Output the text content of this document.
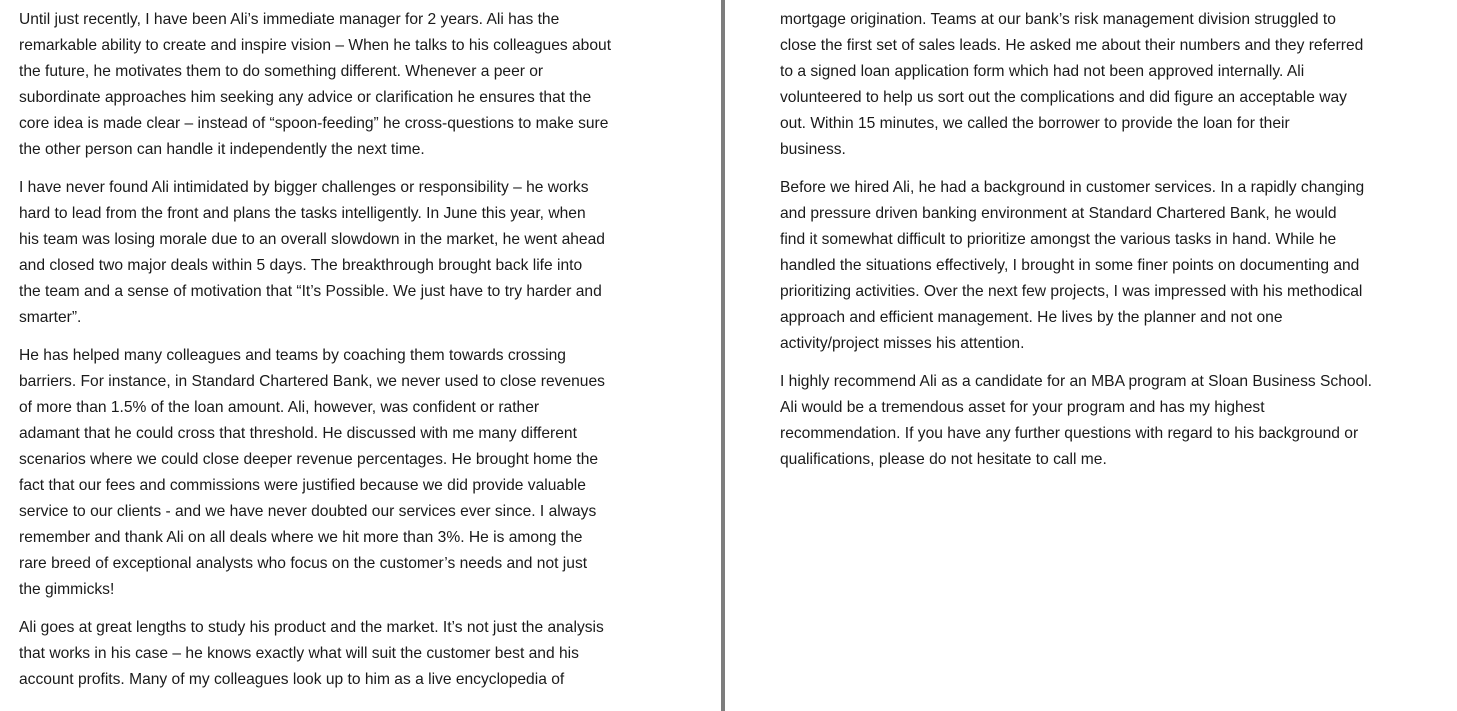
Until just recently, I have been Ali’s immediate manager for 2 years. Ali has the
remarkable ability to create and inspire vision – When he talks to his colleagues about
the future, he motivates them to do something different. Whenever a peer or
subordinate approaches him seeking any advice or clarification he ensures that the
core idea is made clear – instead of “spoon-feeding” he cross-questions to make sure
the other person can handle it independently the next time.

I have never found Ali intimidated by bigger challenges or responsibility – he works
hard to lead from the front and plans the tasks intelligently. In June this year, when
his team was losing morale due to an overall slowdown in the market, he went ahead
and closed two major deals within 5 days. The breakthrough brought back life into
the team and a sense of motivation that “It’s Possible. We just have to try harder and
smarter”.

He has helped many colleagues and teams by coaching them towards crossing
barriers. For instance, in Standard Chartered Bank, we never used to close revenues
of more than 1.5% of the loan amount. Ali, however, was confident or rather
adamant that he could cross that threshold. He discussed with me many different
scenarios where we could close deeper revenue percentages. He brought home the
fact that our fees and commissions were justified because we did provide valuable
service to our clients - and we have never doubted our services ever since. I always
remember and thank Ali on all deals where we hit more than 3%. He is among the
rare breed of exceptional analysts who focus on the customer’s needs and not just
the gimmicks!

Ali goes at great lengths to study his product and the market. It’s not just the analysis
that works in his case – he knows exactly what will suit the customer best and his
account profits. Many of my colleagues look up to him as a live encyclopedia of

mortgage origination. Teams at our bank’s risk management division struggled to
close the first set of sales leads. He asked me about their numbers and they referred
to a signed loan application form which had not been approved internally. Ali
volunteered to help us sort out the complications and did figure an acceptable way
out. Within 15 minutes, we called the borrower to provide the loan for their
business.

Before we hired Ali, he had a background in customer services. In a rapidly changing
and pressure driven banking environment at Standard Chartered Bank, he would
find it somewhat difficult to prioritize amongst the various tasks in hand. While he
handled the situations effectively, I brought in some finer points on documenting and
prioritizing activities. Over the next few projects, I was impressed with his methodical
approach and efficient management. He lives by the planner and not one
activity/project misses his attention.

I highly recommend Ali as a candidate for an MBA program at Sloan Business School.
Ali would be a tremendous asset for your program and has my highest
recommendation. If you have any further questions with regard to his background or
qualifications, please do not hesitate to call me.
